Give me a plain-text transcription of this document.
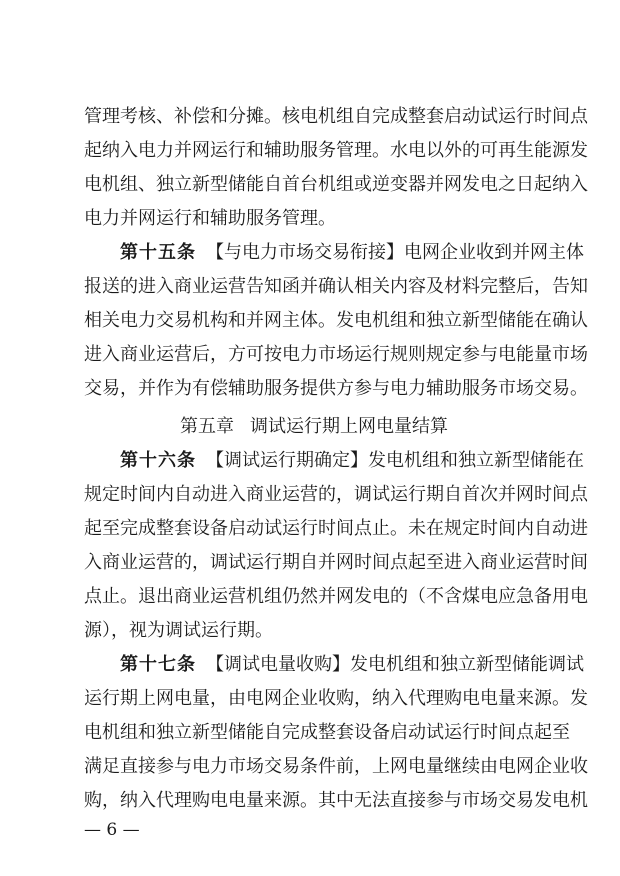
管理考核、补偿和分摊。核电机组自完成整套启动试运行时间点
起纳入电力并网运行和辅助服务管理。水电以外的可再生能源发
电机组、独立新型储能自首台机组或逆变器并网发电之日起纳入
电力并网运行和辅助服务管理。
第十五条 【与电力市场交易衔接】电网企业收到并网主体
报送的进入商业运营告知函并确认相关内容及材料完整后，告知
相关电力交易机构和并网主体。发电机组和独立新型储能在确认
进入商业运营后，方可按电力市场运行规则规定参与电能量市场
交易，并作为有偿辅助服务提供方参与电力辅助服务市场交易。
第五章 调试运行期上网电量结算
第十六条 【调试运行期确定】发电机组和独立新型储能在
规定时间内自动进入商业运营的，调试运行期自首次并网时间点
起至完成整套设备启动试运行时间点止。未在规定时间内自动进
入商业运营的，调试运行期自并网时间点起至进入商业运营时间
点止。退出商业运营机组仍然并网发电的（不含煤电应急备用电
源），视为调试运行期。
第十七条 【调试电量收购】发电机组和独立新型储能调试
运行期上网电量，由电网企业收购，纳入代理购电电量来源。发
电机组和独立新型储能自完成整套设备启动试运行时间点起至
满足直接参与电力市场交易条件前，上网电量继续由电网企业收
购，纳入代理购电电量来源。其中无法直接参与市场交易发电机
— 6 —
